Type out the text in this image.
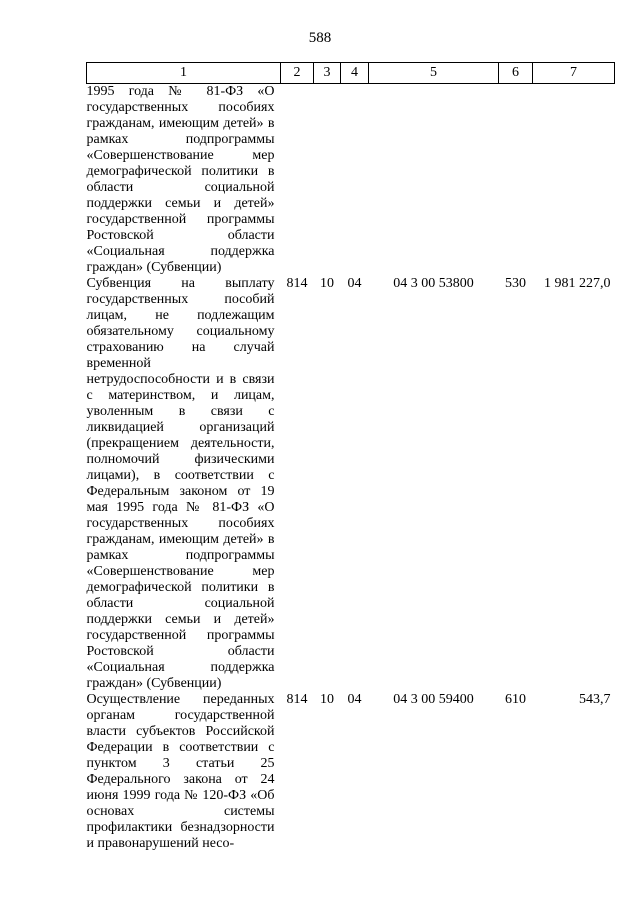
588
1	2	3	4	5	6	7
1995 года № 81-ФЗ «О государственных пособиях гражданам, имеющим детей» в рамках подпрограммы «Совершенствование мер демографической политики в области социальной поддержки семьи и детей» государственной программы Ростовской области «Социальная поддержка граждан» (Субвенции)						
Субвенция на выплату государственных пособий лицам, не подлежащим обязательному социальному страхованию на случай временной нетрудоспособности и в связи с материнством, и лицам, уволенным в связи с ликвидацией организаций (прекращением деятельности, полномочий физическими лицами), в соответствии с Федеральным законом от 19 мая 1995 года № 81-ФЗ «О государственных пособиях гражданам, имеющим детей» в рамках подпрограммы «Совершенствование мер демографической политики в области социальной поддержки семьи и детей» государственной программы Ростовской области «Социальная поддержка граждан» (Субвенции)	814	10	04	04 3 00 53800	530	1 981 227,0
Осуществление переданных органам государственной власти субъектов Российской Федерации в соответствии с пунктом 3 статьи 25 Федерального закона от 24 июня 1999 года № 120-ФЗ «Об основах системы профилактики безнадзорности и правонарушений несо-	814	10	04	04 3 00 59400	610	543,7
